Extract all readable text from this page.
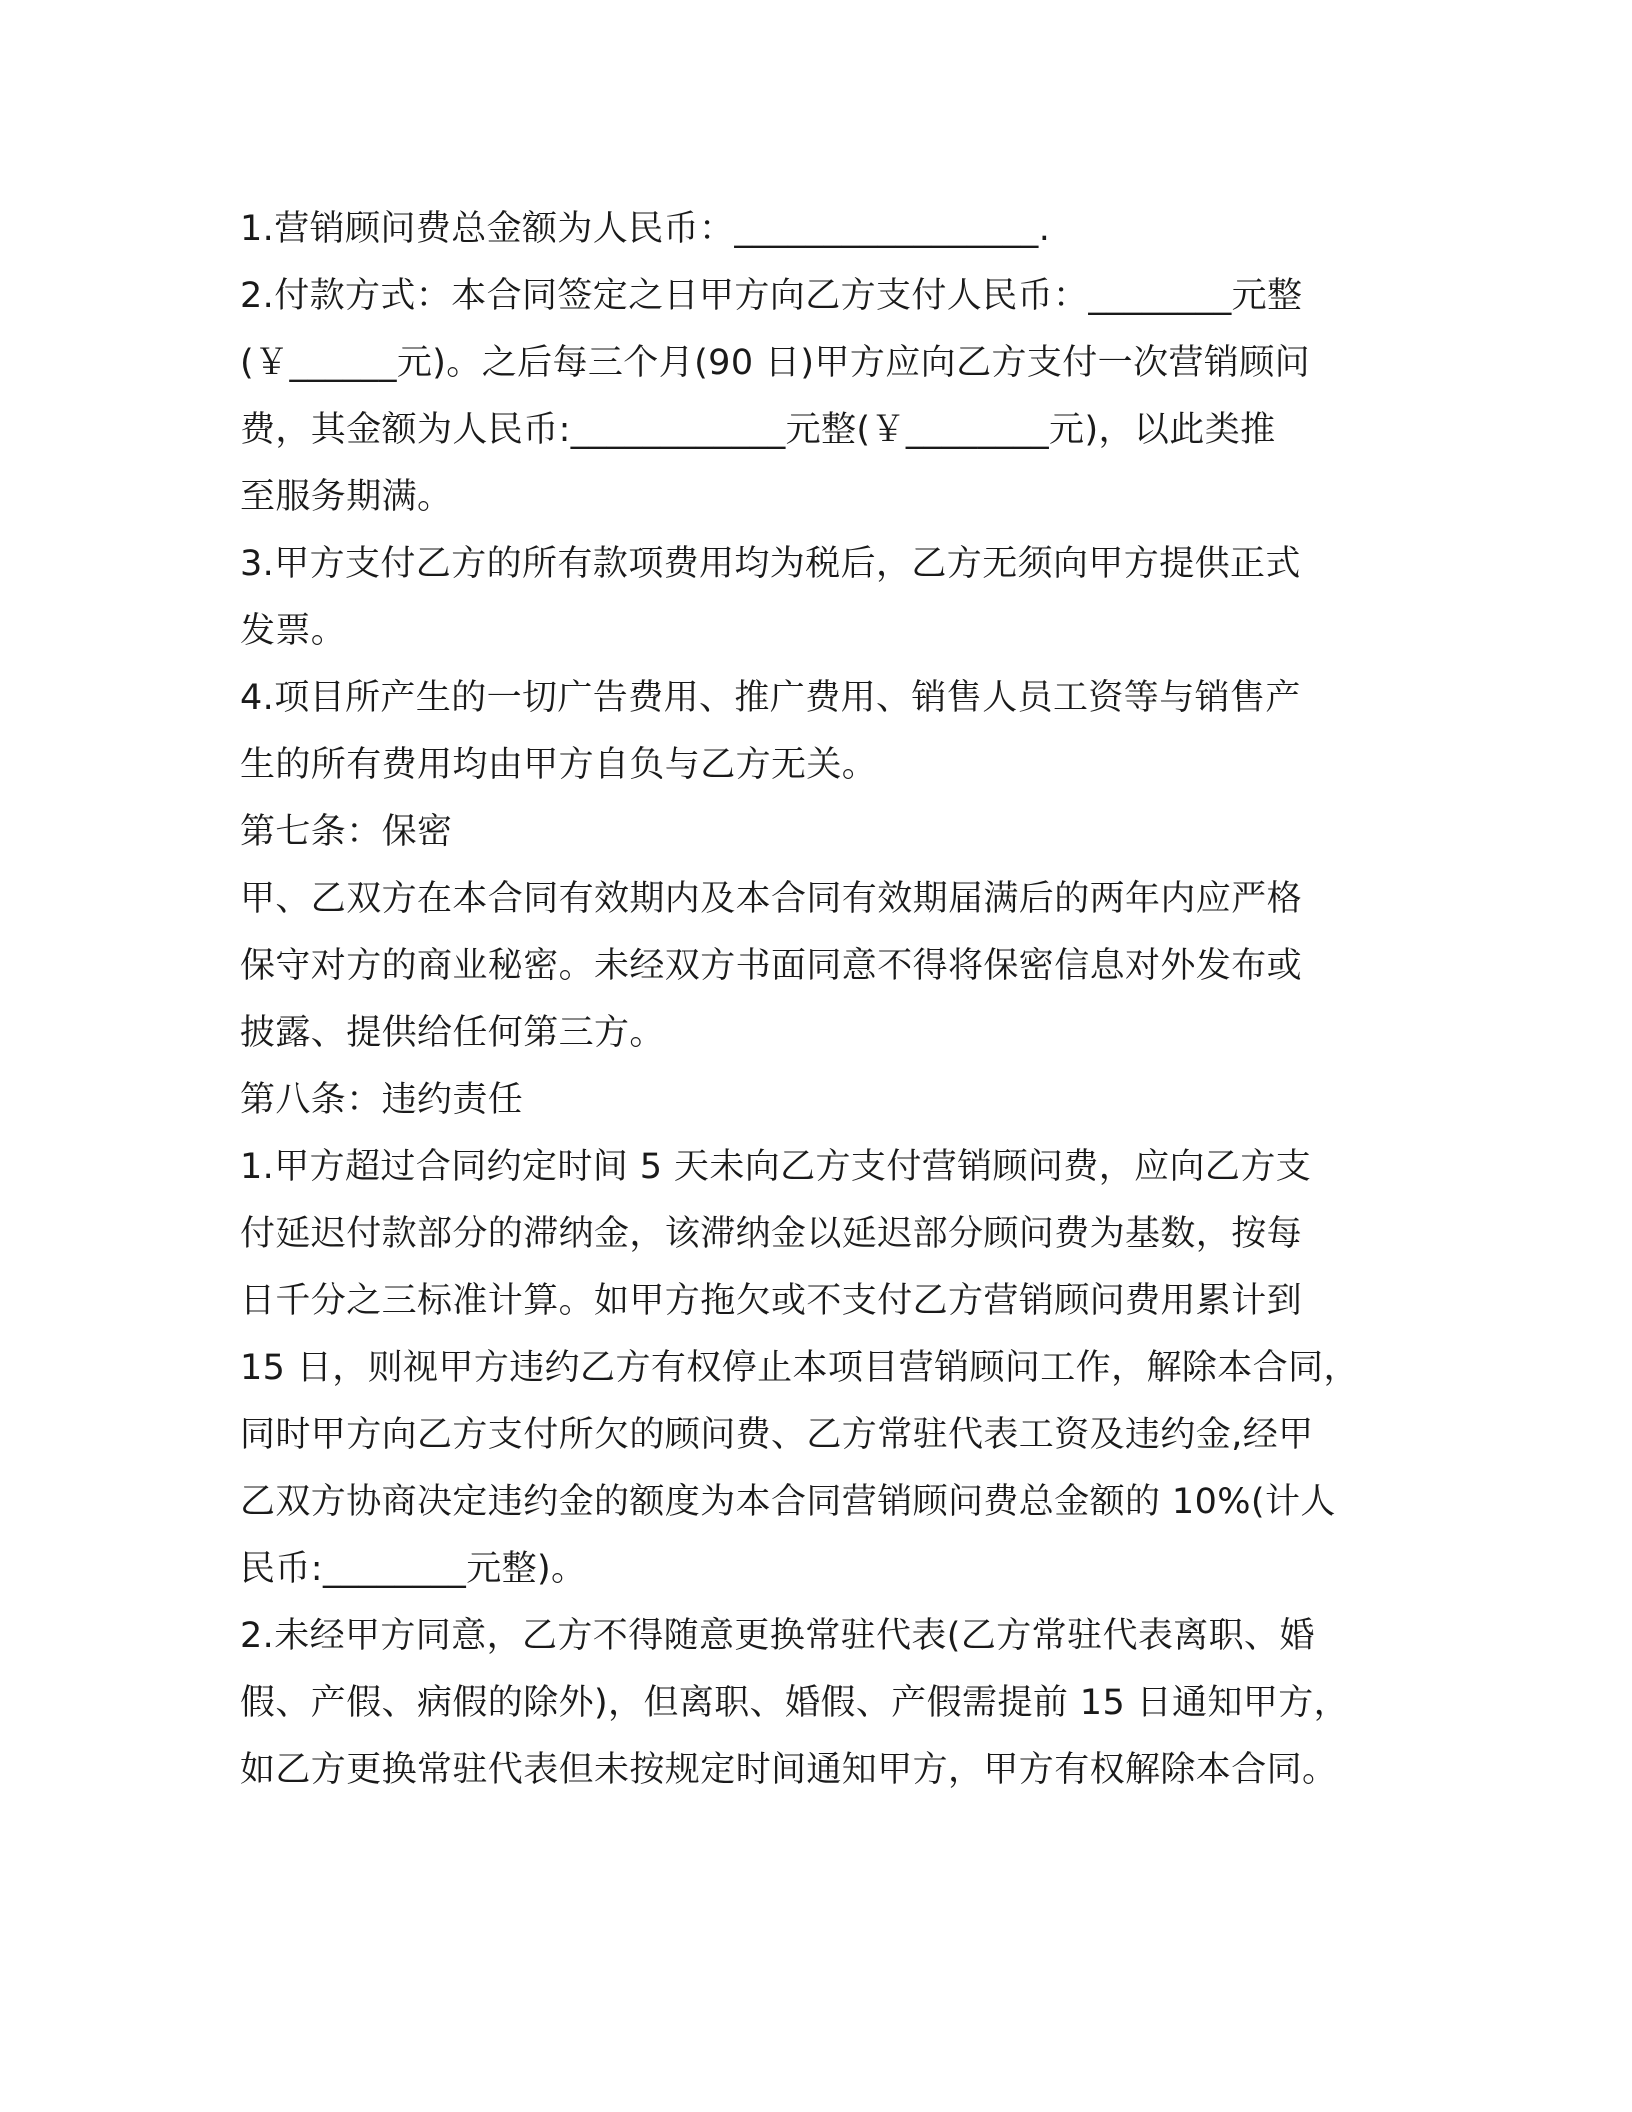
1.营销顾问费总金额为人民币：_________________.
2.付款方式：本合同签定之日甲方向乙方支付人民币：________元整
(￥______元)。之后每三个月(90 日)甲方应向乙方支付一次营销顾问
费，其金额为人民币:____________元整(￥________元)，以此类推
至服务期满。
3.甲方支付乙方的所有款项费用均为税后，乙方无须向甲方提供正式
发票。
4.项目所产生的一切广告费用、推广费用、销售人员工资等与销售产
生的所有费用均由甲方自负与乙方无关。
第七条：保密
甲、乙双方在本合同有效期内及本合同有效期届满后的两年内应严格
保守对方的商业秘密。未经双方书面同意不得将保密信息对外发布或
披露、提供给任何第三方。
第八条：违约责任
1.甲方超过合同约定时间 5 天未向乙方支付营销顾问费，应向乙方支
付延迟付款部分的滞纳金，该滞纳金以延迟部分顾问费为基数，按每
日千分之三标准计算。如甲方拖欠或不支付乙方营销顾问费用累计到
15 日，则视甲方违约乙方有权停止本项目营销顾问工作，解除本合同，
同时甲方向乙方支付所欠的顾问费、乙方常驻代表工资及违约金,经甲
乙双方协商决定违约金的额度为本合同营销顾问费总金额的 10%(计人
民币:________元整)。
2.未经甲方同意，乙方不得随意更换常驻代表(乙方常驻代表离职、婚
假、产假、病假的除外)，但离职、婚假、产假需提前 15 日通知甲方，
如乙方更换常驻代表但未按规定时间通知甲方，甲方有权解除本合同。
